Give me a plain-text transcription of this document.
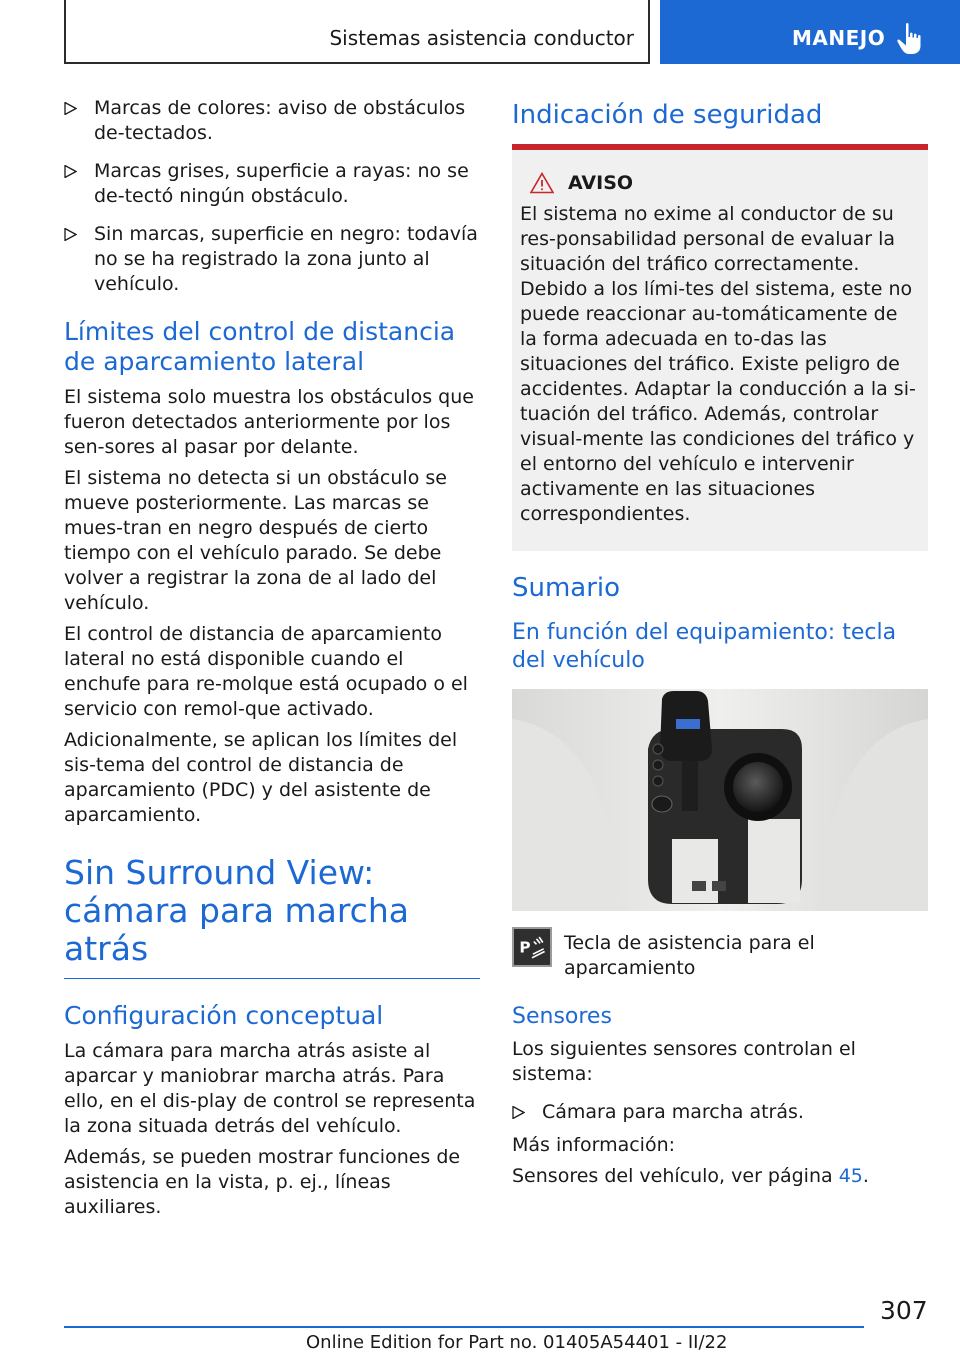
Sistemas asistencia conductor	MANEJO
Marcas de colores: aviso de obstáculos de-tectados.
Marcas grises, superficie a rayas: no se de-tectó ningún obstáculo.
Sin marcas, superficie en negro: todavía no se ha registrado la zona junto al vehículo.
Límites del control de distancia de aparcamiento lateral

El sistema solo muestra los obstáculos que fueron detectados anteriormente por los sen-sores al pasar por delante.

El sistema no detecta si un obstáculo se mueve posteriormente. Las marcas se mues-tran en negro después de cierto tiempo con el vehículo parado. Se debe volver a registrar la zona de al lado del vehículo.

El control de distancia de aparcamiento lateral no está disponible cuando el enchufe para re-molque está ocupado o el servicio con remol-que activado.

Adicionalmente, se aplican los límites del sis-tema del control de distancia de aparcamiento (PDC) y del asistente de aparcamiento.

Sin Surround View: cámara para marcha atrás
Configuración conceptual

La cámara para marcha atrás asiste al aparcar y maniobrar marcha atrás. Para ello, en el dis-play de control se representa la zona situada detrás del vehículo.

Además, se pueden mostrar funciones de asistencia en la vista, p. ej., líneas auxiliares.

Indicación de seguridad
AVISO

El sistema no exime al conductor de su res-ponsabilidad personal de evaluar la situación del tráfico correctamente. Debido a los lími-tes del sistema, este no puede reaccionar au-tomáticamente de la forma adecuada en to-das las situaciones del tráfico. Existe peligro de accidentes. Adaptar la conducción a la si-tuación del tráfico. Además, controlar visual-mente las condiciones del tráfico y el entorno del vehículo e intervenir activamente en las situaciones correspondientes.

Sumario
En función del equipamiento: tecla del vehículo
P Tecla de asistencia para el aparcamiento
Sensores

Los siguientes sensores controlan el sistema:

Cámara para marcha atrás.

Más información:

Sensores del vehículo, ver página 45.

307
Online Edition for Part no. 01405A54401 - II/22
